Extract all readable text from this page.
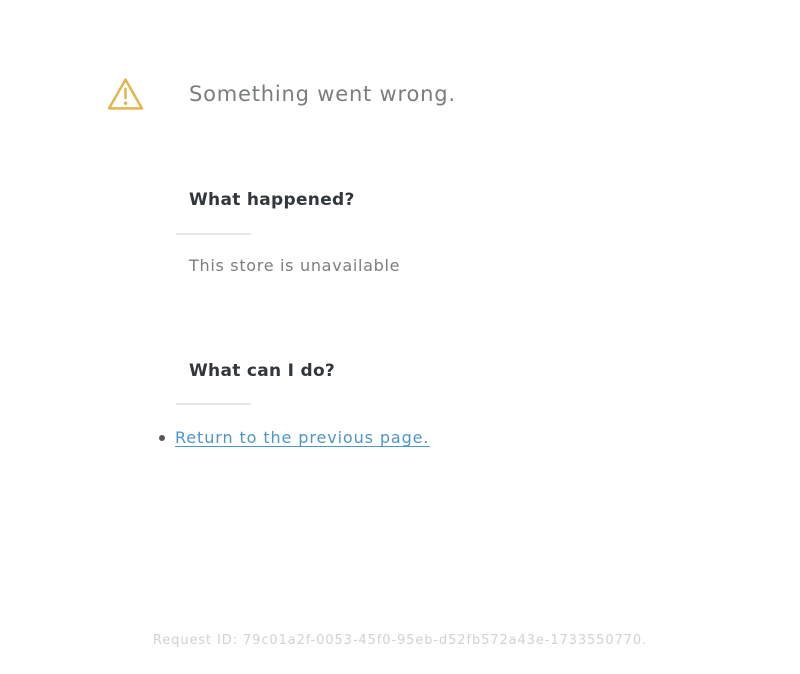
Something went wrong.
What happened?
This store is unavailable
What can I do?
Return to the previous page.
Request ID: 79c01a2f-0053-45f0-95eb-d52fb572a43e-1733550770.
